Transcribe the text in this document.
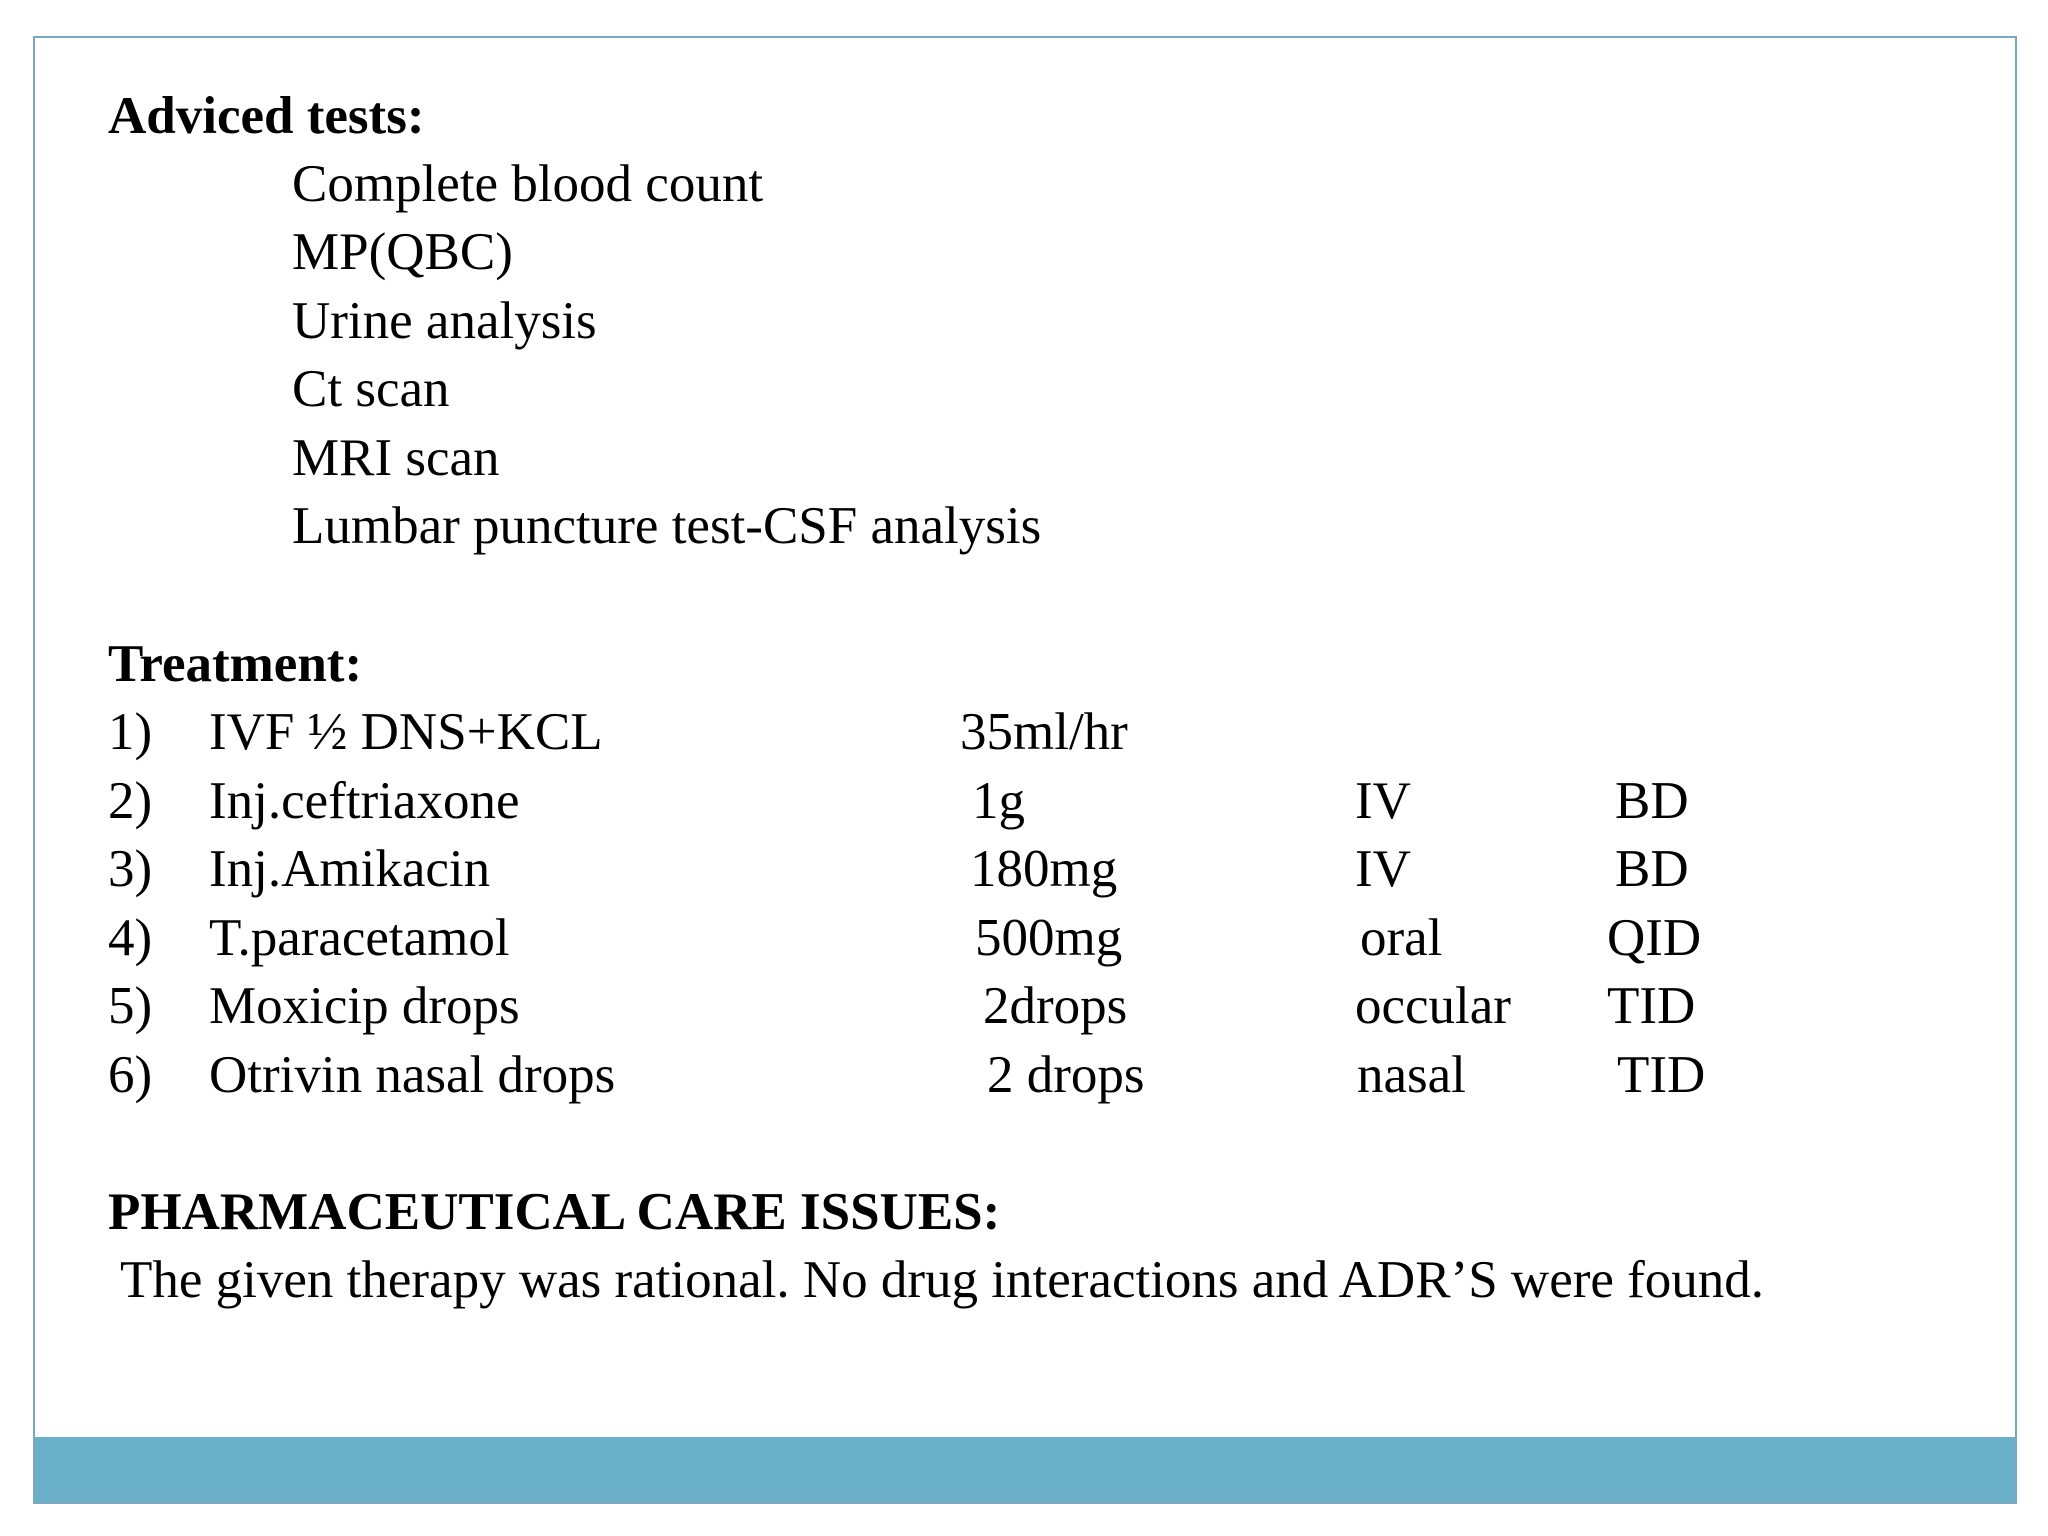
Adviced tests:
Complete blood count
MP(QBC)
Urine analysis
Ct scan
MRI scan
Lumbar puncture test-CSF analysis
Treatment:
1) IVF ½ DNS+KCL	35ml/hr
2) Inj.ceftriaxone	1g	IV	BD
3) Inj.Amikacin	180mg	IV	BD
4) T.paracetamol	500mg	oral	QID
5) Moxicip drops	2drops	occular TID
6) Otrivin nasal drops	2 drops	nasal	TID
PHARMACEUTICAL CARE ISSUES:
The given therapy was rational. No drug interactions and ADR’S were found.
